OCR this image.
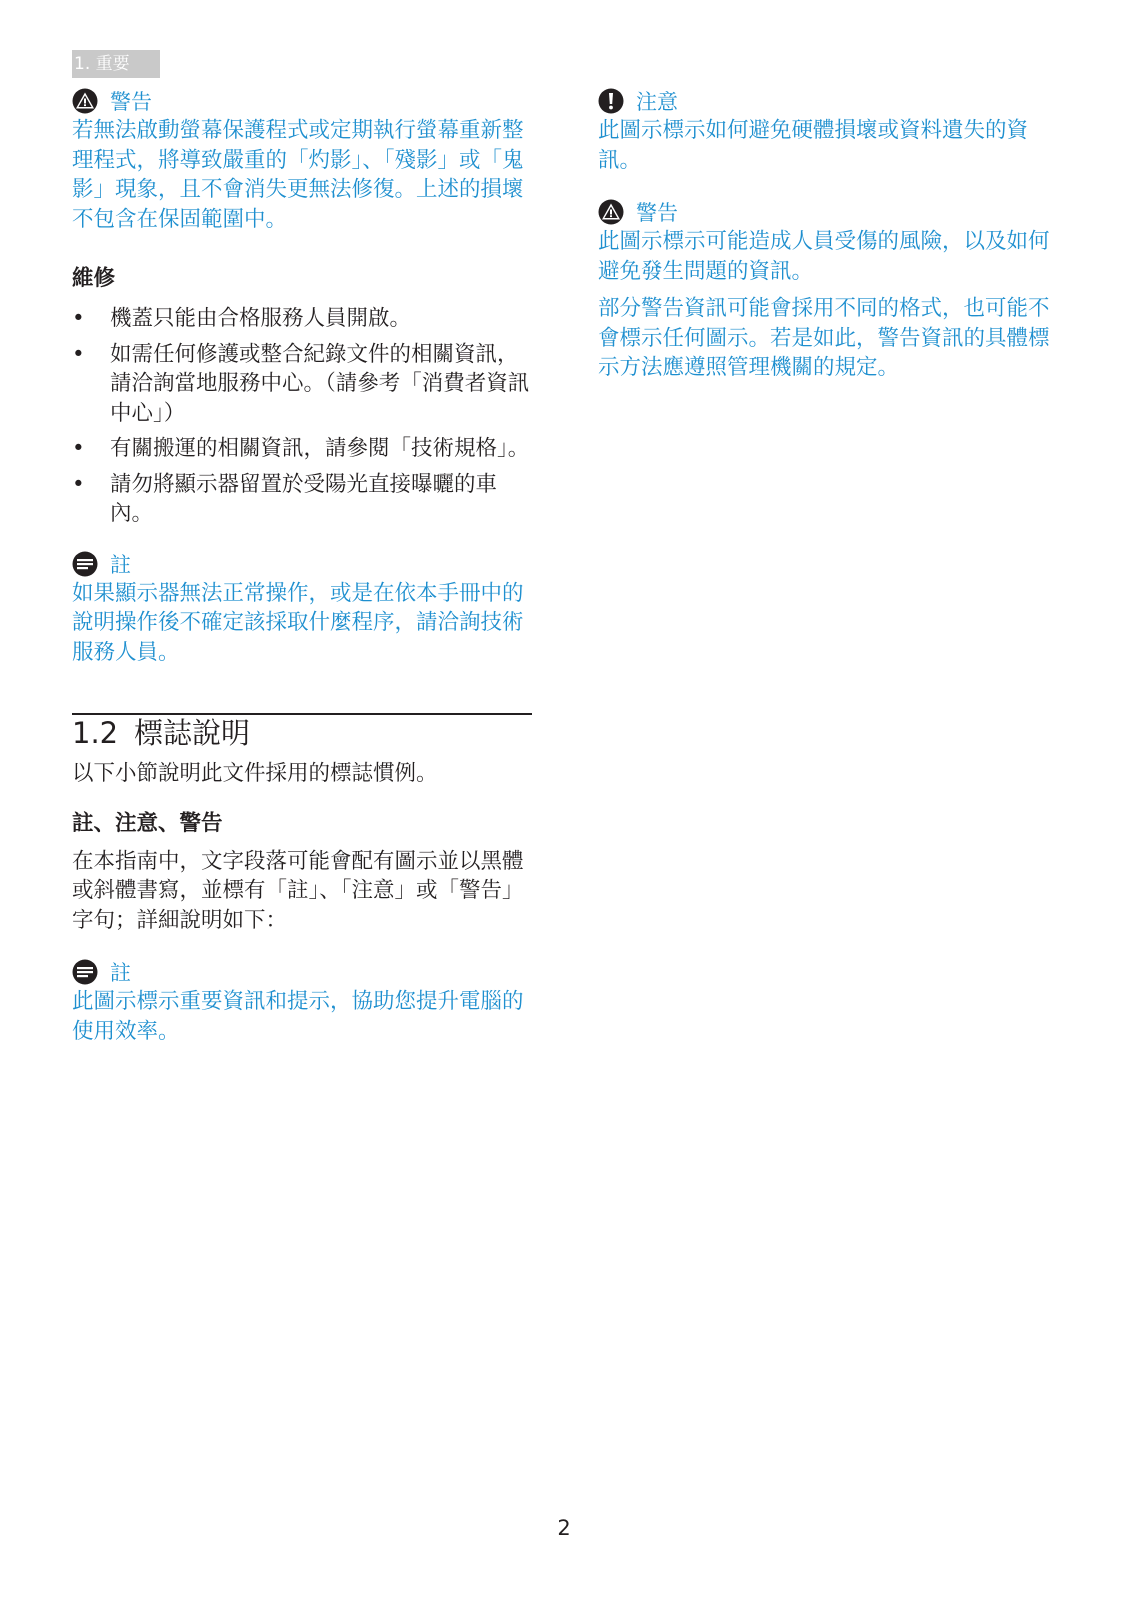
1. 重要
警告
若無法啟動螢幕保護程式或定期執行螢幕重新整理程式，將導致嚴重的「灼影」、「殘影」或「鬼影」現象，且不會消失更無法修復。上述的損壞不包含在保固範圍中。

維修

• 機蓋只能由合格服務人員開啟。
• 如需任何修護或整合紀錄文件的相關資訊，請洽詢當地服務中心。（請參考「消費者資訊中心」）
• 有關搬運的相關資訊，請參閱「技術規格」。
• 請勿將顯示器留置於受陽光直接曝曬的車內。
註
如果顯示器無法正常操作，或是在依本手冊中的說明操作後不確定該採取什麼程序，請洽詢技術服務人員。
1.2 標誌說明

以下小節說明此文件採用的標誌慣例。

註、注意、警告

在本指南中，文字段落可能會配有圖示並以黑體或斜體書寫，並標有「註」、「注意」或「警告」字句；詳細說明如下：

註
此圖示標示重要資訊和提示，協助您提升電腦的使用效率。
注意
此圖示標示如何避免硬體損壞或資料遺失的資訊。
警告
此圖示標示可能造成人員受傷的風險，以及如何避免發生問題的資訊。
部分警告資訊可能會採用不同的格式，也可能不會標示任何圖示。若是如此，警告資訊的具體標示方法應遵照管理機關的規定。
2
